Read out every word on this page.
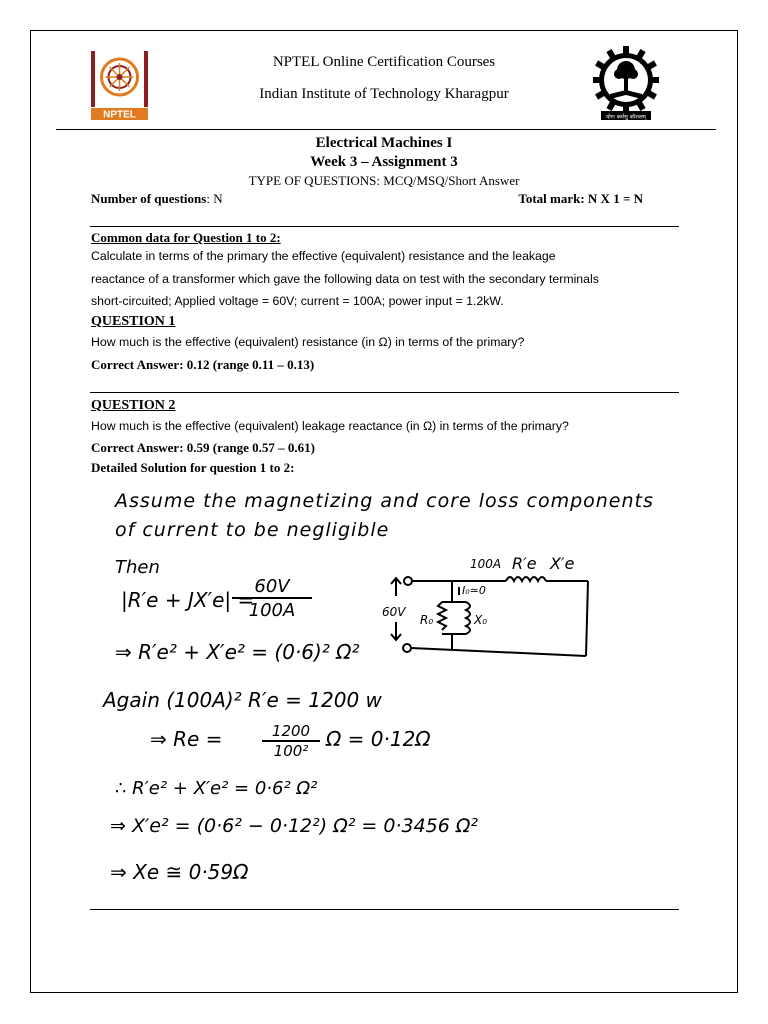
NPTEL	योगः कर्मसु कौशलम्
NPTEL Online Certification Courses
Indian Institute of Technology Kharagpur
Electrical Machines I
Week 3 – Assignment 3
TYPE OF QUESTIONS: MCQ/MSQ/Short Answer
Number of questions: N	Total mark: N X 1 = N
Common data for Question 1 to 2:
Calculate in terms of the primary the effective (equivalent) resistance and the leakage
reactance of a transformer which gave the following data on test with the secondary terminals
short-circuited; Applied voltage = 60V; current = 100A; power input = 1.2kW.
QUESTION 1
How much is the effective (equivalent) resistance (in Ω) in terms of the primary?
Correct Answer: 0.12 (range 0.11 – 0.13)
QUESTION 2
How much is the effective (equivalent) leakage reactance (in Ω) in terms of the primary?
Correct Answer: 0.59 (range 0.57 – 0.61)
Detailed Solution for question 1 to 2:
Assume the magnetizing and core loss components
of current to be negligible
Then
|R′e + JX′e| =
60V
100A
⇒ R′e² + X′e² = (0·6)² Ω²
100A R′e X′e
60V
R₀	X₀
I₀≃0
Again (100A)² R′e = 1200 w
⇒ Re =	1200
100² Ω = 0·12Ω
∴ R′e² + X′e² = 0·6² Ω²
⇒ X′e² = (0·6² − 0·12²) Ω² = 0·3456 Ω²
⇒ Xe ≅ 0·59Ω
